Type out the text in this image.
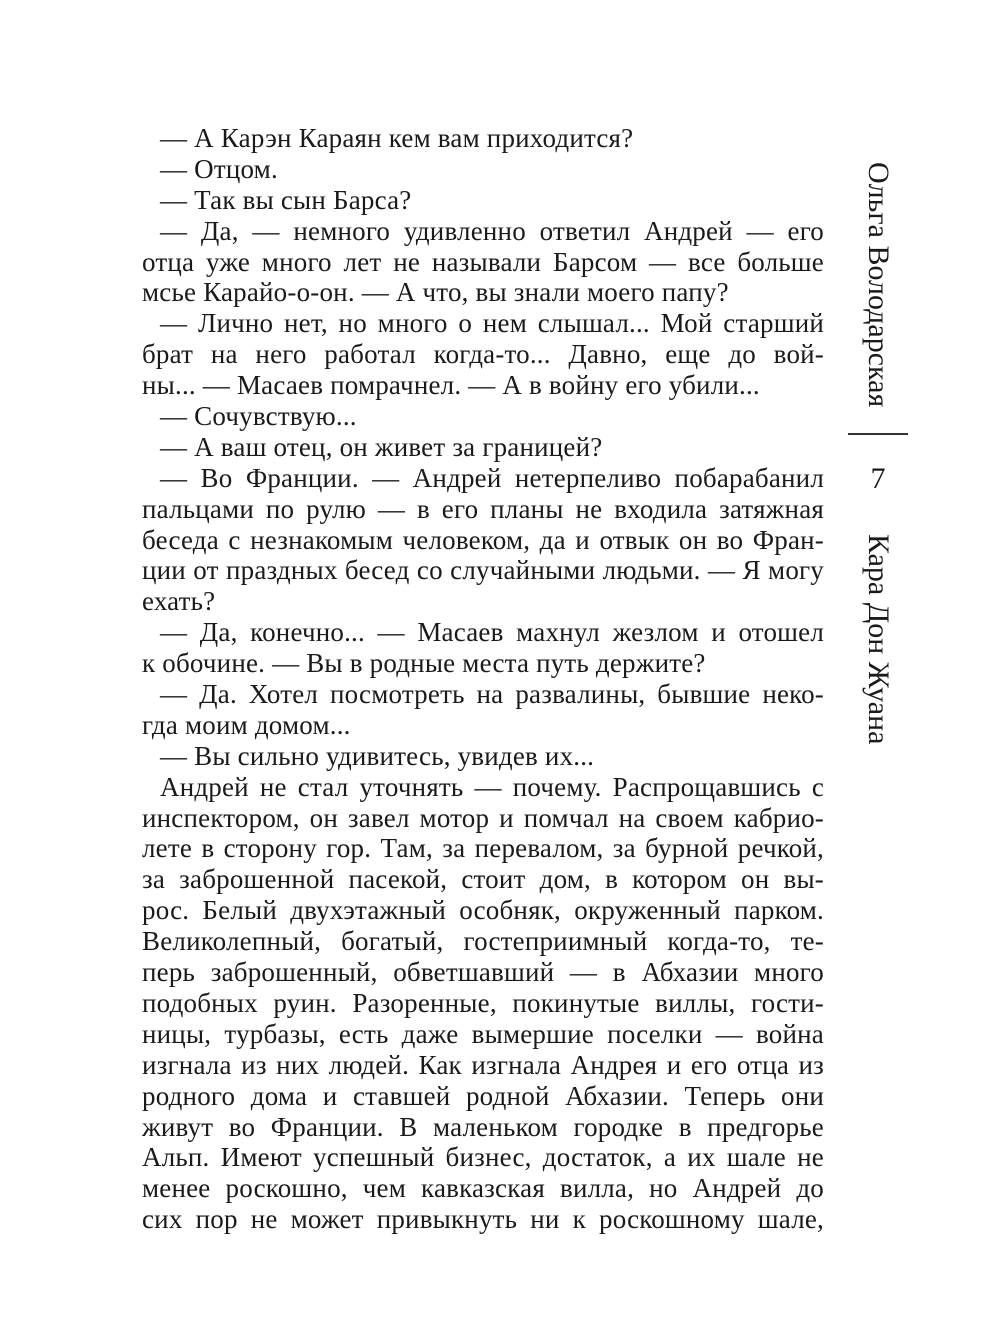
— А Карэн Караян кем вам приходится?
— Отцом.
— Так вы сын Барса?
— Да, — немного удивленно ответил Андрей — его
отца уже много лет не называли Барсом — все больше
мсье Карайо-о-он. — А что, вы знали моего папу?
— Лично нет, но много о нем слышал... Мой старший
брат на него работал когда-то... Давно, еще до вой-
ны... — Масаев помрачнел. — А в войну его убили...
— Сочувствую...
— А ваш отец, он живет за границей?
— Во Франции. — Андрей нетерпеливо побарабанил
пальцами по рулю — в его планы не входила затяжная
беседа с незнакомым человеком, да и отвык он во Фран-
ции от праздных бесед со случайными людьми. — Я могу
ехать?
— Да, конечно... — Масаев махнул жезлом и отошел
к обочине. — Вы в родные места путь держите?
— Да. Хотел посмотреть на развалины, бывшие неко-
гда моим домом...
— Вы сильно удивитесь, увидев их...
Андрей не стал уточнять — почему. Распрощавшись с
инспектором, он завел мотор и помчал на своем кабрио-
лете в сторону гор. Там, за перевалом, за бурной речкой,
за заброшенной пасекой, стоит дом, в котором он вы-
рос. Белый двухэтажный особняк, окруженный парком.
Великолепный, богатый, гостеприимный когда-то, те-
перь заброшенный, обветшавший — в Абхазии много
подобных руин. Разоренные, покинутые виллы, гости-
ницы, турбазы, есть даже вымершие поселки — война
изгнала из них людей. Как изгнала Андрея и его отца из
родного дома и ставшей родной Абхазии. Теперь они
живут во Франции. В маленьком городке в предгорье
Альп. Имеют успешный бизнес, достаток, а их шале не
менее роскошно, чем кавказская вилла, но Андрей до
сих пор не может привыкнуть ни к роскошному шале,
Ольга Володарская
7
Кара Дон Жуана
